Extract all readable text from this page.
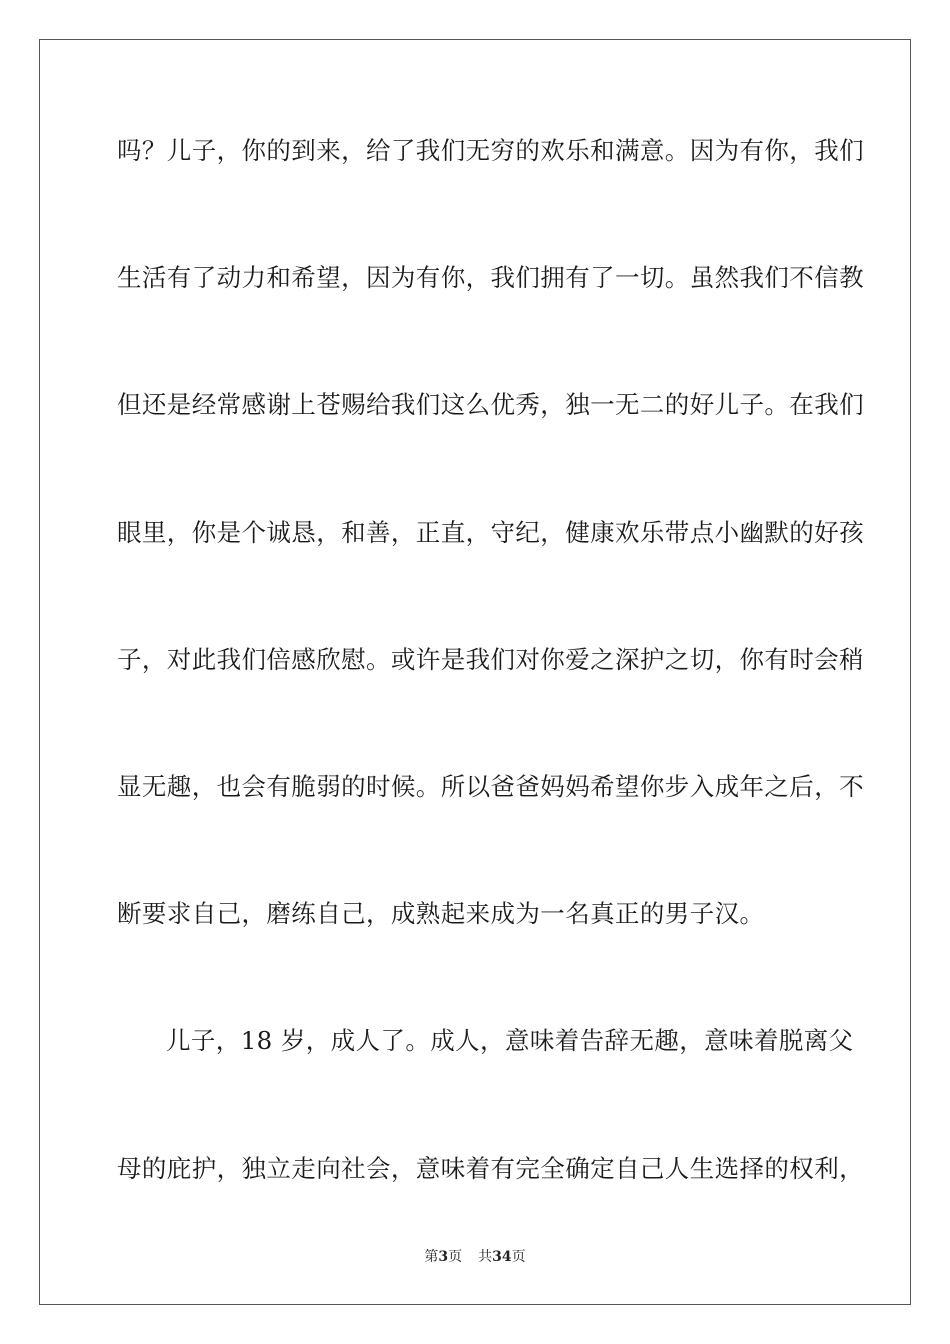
吗？儿子，你的到来，给了我们无穷的欢乐和满意。因为有你，我们
生活有了动力和希望，因为有你，我们拥有了一切。虽然我们不信教
但还是经常感谢上苍赐给我们这么优秀，独一无二的好儿子。在我们
眼里，你是个诚恳，和善，正直，守纪，健康欢乐带点小幽默的好孩
子，对此我们倍感欣慰。或许是我们对你爱之深护之切，你有时会稍
显无趣，也会有脆弱的时候。所以爸爸妈妈希望你步入成年之后，不
断要求自己，磨练自己，成熟起来成为一名真正的男子汉。
儿子，18 岁，成人了。成人，意味着告辞无趣，意味着脱离父
母的庇护，独立走向社会，意味着有完全确定自己人生选择的权利，
第3页 共34页
